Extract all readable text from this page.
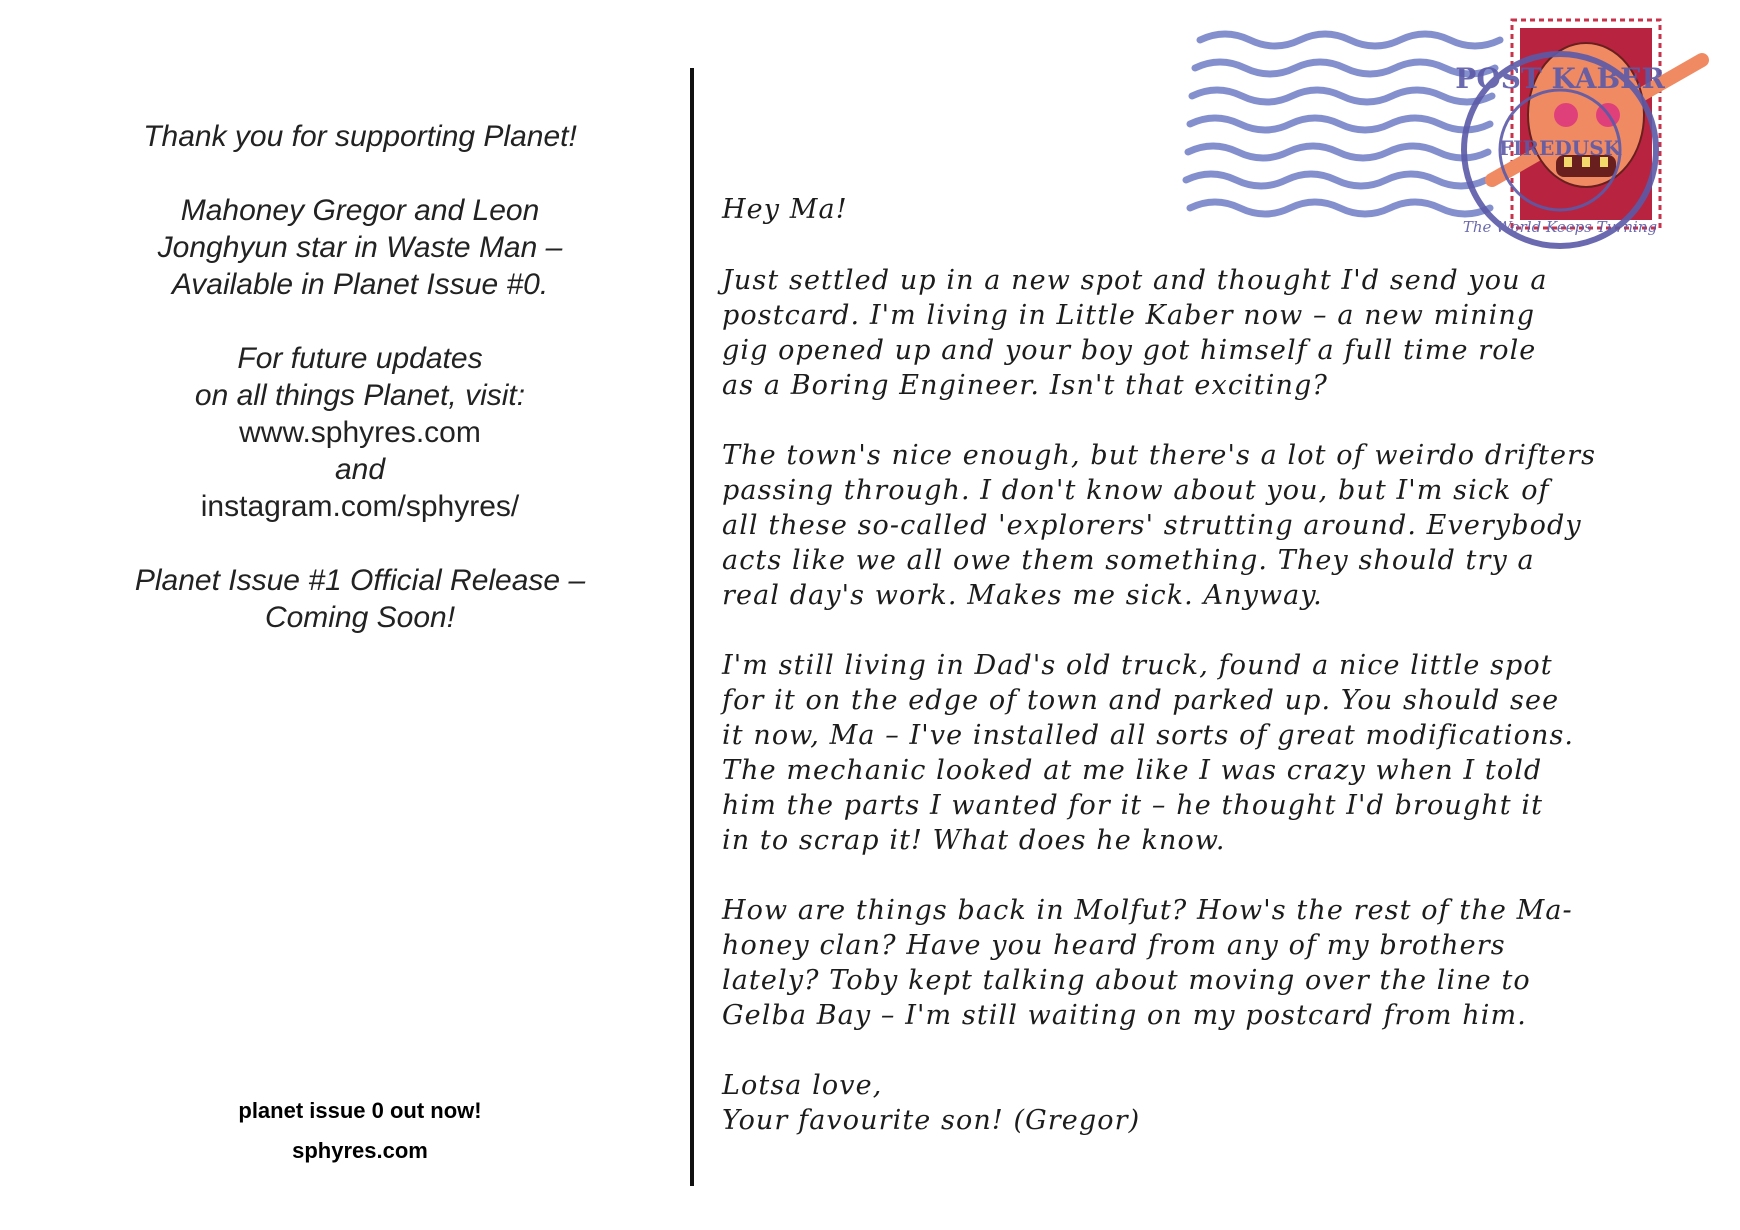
Thank you for supporting Planet!

Mahoney Gregor and Leon
Jonghyun star in Waste Man –
Available in Planet Issue #0.

For future updates
on all things Planet, visit:
www.sphyres.com
and
instagram.com/sphyres/

Planet Issue #1 Official Release –
Coming Soon!

planet issue 0 out now!
sphyres.com
POST KABER
FIREDUSK
The World Keeps Turning

Hey Ma!

Just settled up in a new spot and thought I'd send you a
postcard. I'm living in Little Kaber now – a new mining
gig opened up and your boy got himself a full time role
as a Boring Engineer. Isn't that exciting?

The town's nice enough, but there's a lot of weirdo drifters
passing through. I don't know about you, but I'm sick of
all these so-called 'explorers' strutting around. Everybody
acts like we all owe them something. They should try a
real day's work. Makes me sick. Anyway.

I'm still living in Dad's old truck, found a nice little spot
for it on the edge of town and parked up. You should see
it now, Ma – I've installed all sorts of great modifications.
The mechanic looked at me like I was crazy when I told
him the parts I wanted for it – he thought I'd brought it
in to scrap it! What does he know.

How are things back in Molfut? How's the rest of the Ma-
honey clan? Have you heard from any of my brothers
lately? Toby kept talking about moving over the line to
Gelba Bay – I'm still waiting on my postcard from him.

Lotsa love,
Your favourite son! (Gregor)
